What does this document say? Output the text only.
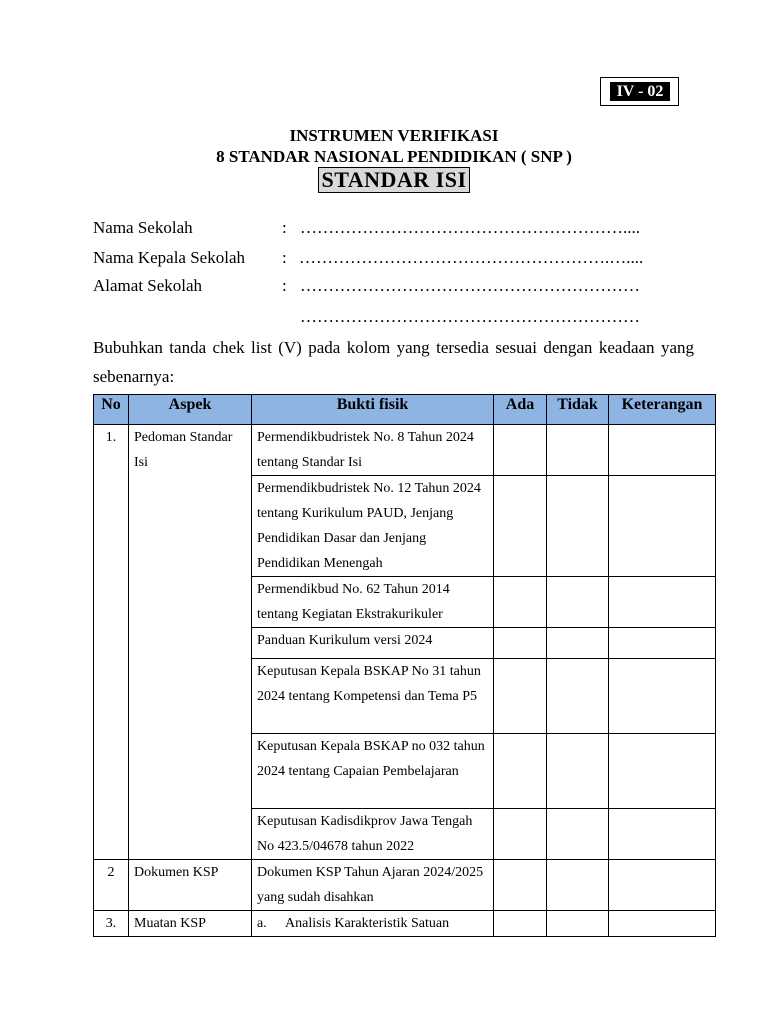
IV - 02
INSTRUMEN VERIFIKASI
8 STANDAR NASIONAL PENDIDIKAN ( SNP )
STANDAR ISI
Nama Sekolah	: …………………………………………………....
Nama Kepala Sekolah : ……………………………………………….…....
Alamat Sekolah	: ……………………………………………………
……………………………………………………
Bubuhkan tanda chek list (V) pada kolom yang tersedia sesuai dengan keadaan yang sebenarnya:
No	Aspek	Bukti fisik	Ada	Tidak	Keterangan
1.	Pedoman Standar Isi	Permendikbudristek No. 8 Tahun 2024 tentang Standar Isi			
		Permendikbudristek No. 12 Tahun 2024 tentang Kurikulum PAUD, Jenjang Pendidikan Dasar dan Jenjang Pendidikan Menengah			
		Permendikbud No. 62 Tahun 2014 tentang Kegiatan Ekstrakurikuler			
		Panduan Kurikulum versi 2024			
		Keputusan Kepala BSKAP No 31 tahun 2024 tentang Kompetensi dan Tema P5			
		Keputusan Kepala BSKAP no 032 tahun 2024 tentang Capaian Pembelajaran			
		Keputusan Kadisdikprov Jawa Tengah No 423.5/04678 tahun 2022			
2	Dokumen KSP	Dokumen KSP Tahun Ajaran 2024/2025 yang sudah disahkan			
3.	Muatan KSP	a. Analisis Karakteristik Satuan			
